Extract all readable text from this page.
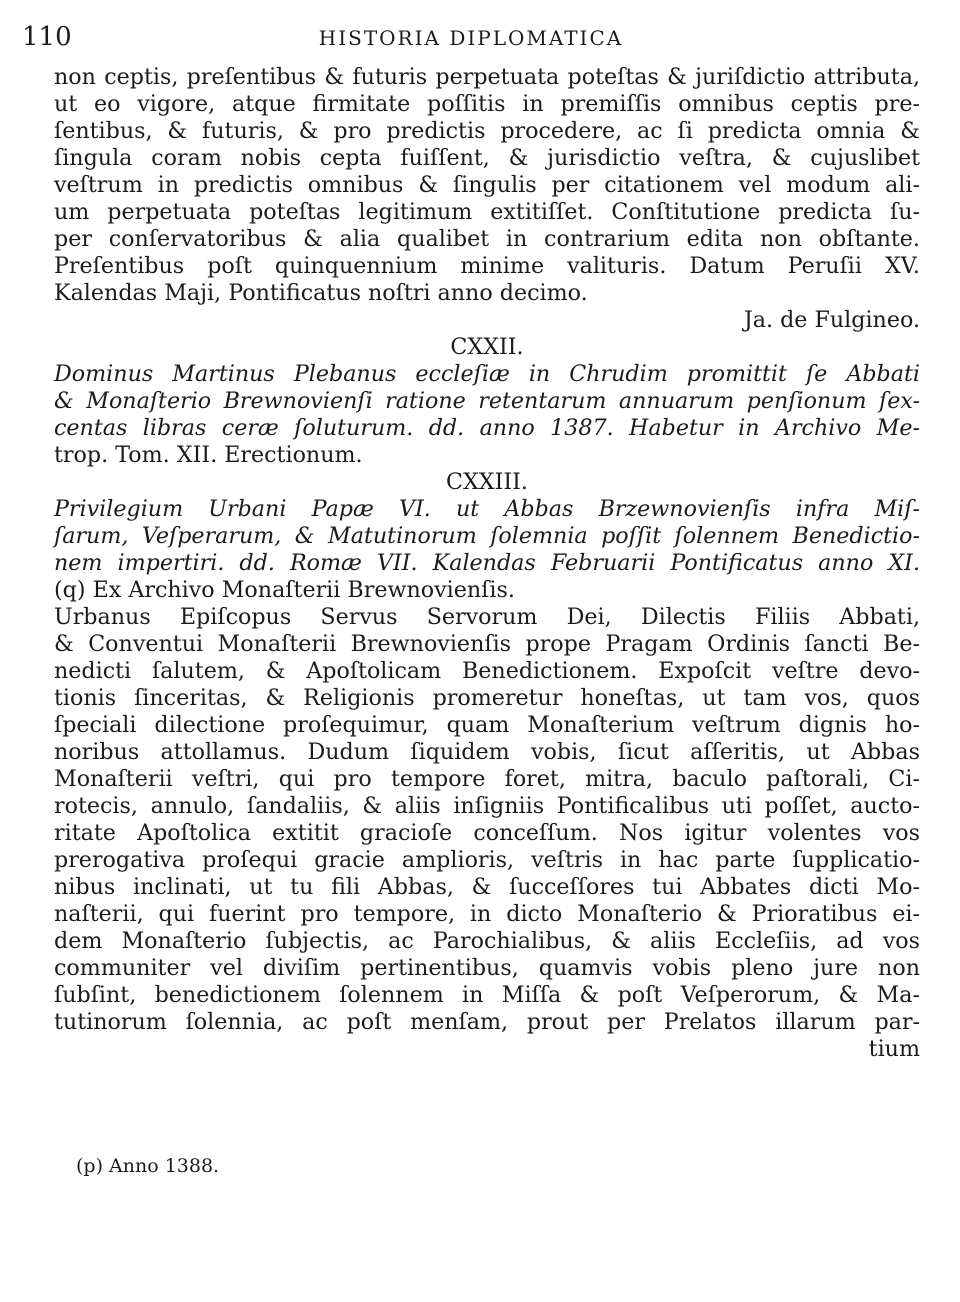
110	HISTORIA DIPLOMATICA
non ceptis, preſentibus & futuris perpetuata poteſtas & juriſdictio attributa,
ut eo vigore, atque firmitate poſſitis in premiſſis omnibus ceptis pre-
ſentibus, & futuris, & pro predictis procedere, ac ſi predicta omnia &
ſingula coram nobis cepta fuiſſent, & jurisdictio veſtra, & cujuslibet
veſtrum in predictis omnibus & ſingulis per citationem vel modum ali-
um perpetuata poteſtas legitimum extitiſſet. Conſtitutione predicta ſu-
per conſervatoribus & alia qualibet in contrarium edita non obſtante.
Preſentibus poſt quinquennium minime valituris. Datum Peruſii XV.
Kalendas Maji, Pontificatus noſtri anno decimo.
Ja. de Fulgineo.
CXXII.
Dominus Martinus Plebanus eccleſiæ in Chrudim promittit ſe Abbati
& Monaſterio Brewnovienſi ratione retentarum annuarum penſionum ſex-
centas libras ceræ ſoluturum. dd. anno 1387. Habetur in Archivo Me-
trop. Tom. XII. Erectionum.
CXXIII.
Privilegium Urbani Papæ VI. ut Abbas Brzewnovienſis infra Miſ-
ſarum, Veſperarum, & Matutinorum ſolemnia poſſit ſolennem Benedictio-
nem impertiri. dd. Romæ VII. Kalendas Februarii Pontificatus anno XI.
(q) Ex Archivo Monaſterii Brewnovienſis.
Urbanus Epiſcopus Servus Servorum Dei, Dilectis Filiis Abbati,
& Conventui Monaſterii Brewnovienſis prope Pragam Ordinis ſancti Be-
nedicti ſalutem, & Apoſtolicam Benedictionem. Expoſcit veſtre devo-
tionis ſinceritas, & Religionis promeretur honeſtas, ut tam vos, quos
ſpeciali dilectione proſequimur, quam Monaſterium veſtrum dignis ho-
noribus attollamus. Dudum ſiquidem vobis, ſicut aſſeritis, ut Abbas
Monaſterii veſtri, qui pro tempore foret, mitra, baculo paſtorali, Ci-
rotecis, annulo, ſandaliis, & aliis inſigniis Pontificalibus uti poſſet, aucto-
ritate Apoſtolica extitit gracioſe conceſſum. Nos igitur volentes vos
prerogativa proſequi gracie amplioris, veſtris in hac parte ſupplicatio-
nibus inclinati, ut tu fili Abbas, & ſucceſſores tui Abbates dicti Mo-
naſterii, qui fuerint pro tempore, in dicto Monaſterio & Prioratibus ei-
dem Monaſterio ſubjectis, ac Parochialibus, & aliis Eccleſiis, ad vos
communiter vel diviſim pertinentibus, quamvis vobis pleno jure non
ſubſint, benedictionem ſolennem in Miſſa & poſt Veſperorum, & Ma-
tutinorum ſolennia, ac poſt menſam, prout per Prelatos illarum par-
tium
(p) Anno 1388.
